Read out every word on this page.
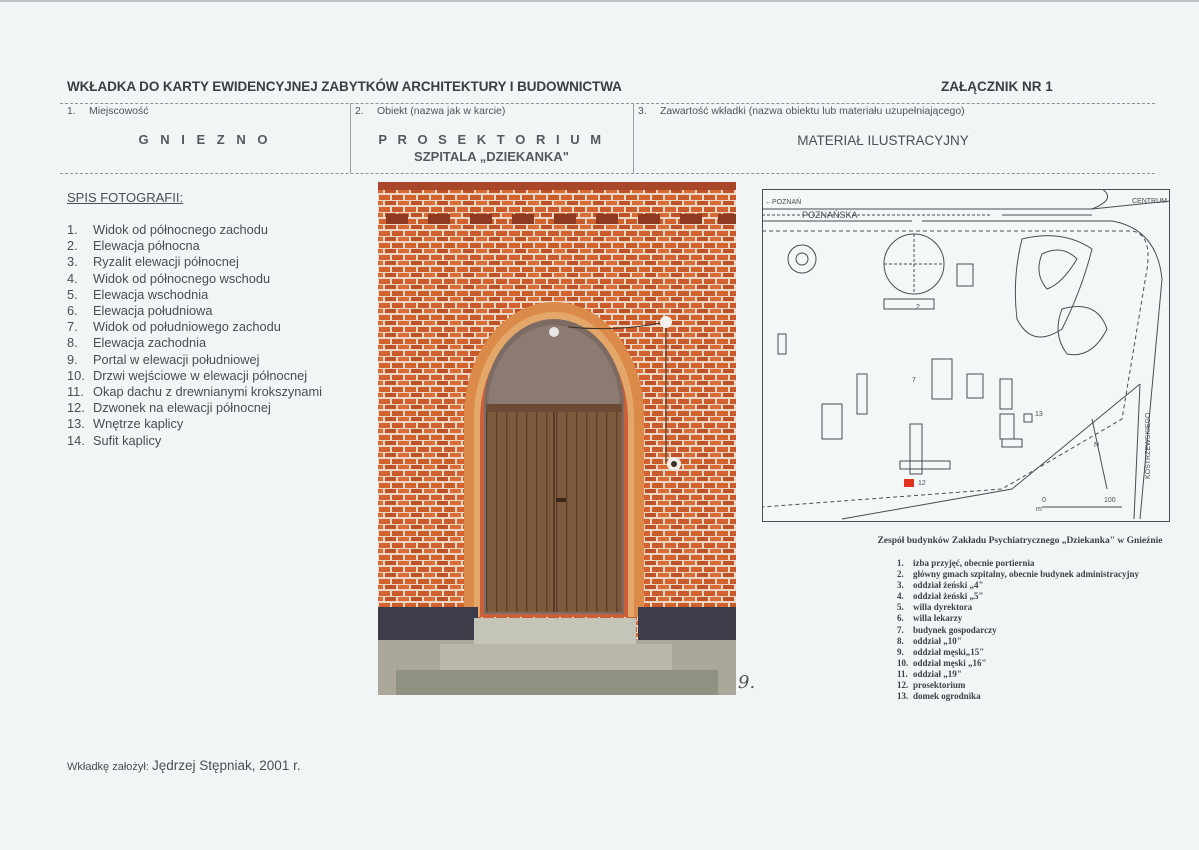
WKŁADKA DO KARTY EWIDENCYJNEJ ZABYTKÓW ARCHITEKTURY I BUDOWNICTWA	ZAŁĄCZNIK NR 1
1. Miejscowość
G N I E Z N O
2. Obiekt (nazwa jak w karcie)
P R O S E K T O R I U M
SZPITALA „DZIEKANKA"
3. Zawartość wkładki (nazwa obiektu lub materiału uzupełniającego)
MATERIAŁ ILUSTRACYJNY
SPIS FOTOGRAFII:
1. Widok od północnego zachodu
2. Elewacja północna
3. Ryzalit elewacji północnej
4. Widok od północnego wschodu
5. Elewacja wschodnia
6. Elewacja południowa
7. Widok od południowego zachodu
8. Elewacja zachodnia
9. Portal w elewacji południowej
10. Drzwi wejściowe w elewacji północnej
11. Okap dachu z drewnianymi krokszynami
12. Dzwonek na elewacji północnej
13. Wnętrze kaplicy
14. Sufit kaplicy
9.
←POZNAŃ
POZNAŃSKA
CENTRUM
N
0	100
m
2
7
12
13	KOSTRZEWSKIEGO
Zespół budynków Zakładu Psychiatrycznego „Dziekanka" w Gnieźnie
1. izba przyjęć, obecnie portiernia
2. główny gmach szpitalny, obecnie budynek administracyjny
3. oddział żeński „4"
4. oddział żeński „5"
5. willa dyrektora
6. willa lekarzy
7. budynek gospodarczy
8. oddział „10"
9. oddział męski„15"
10. oddział męski „16"
11. oddział „19"
12. prosektorium
13. domek ogrodnika
Wkładkę założył: Jędrzej Stępniak, 2001 r.
